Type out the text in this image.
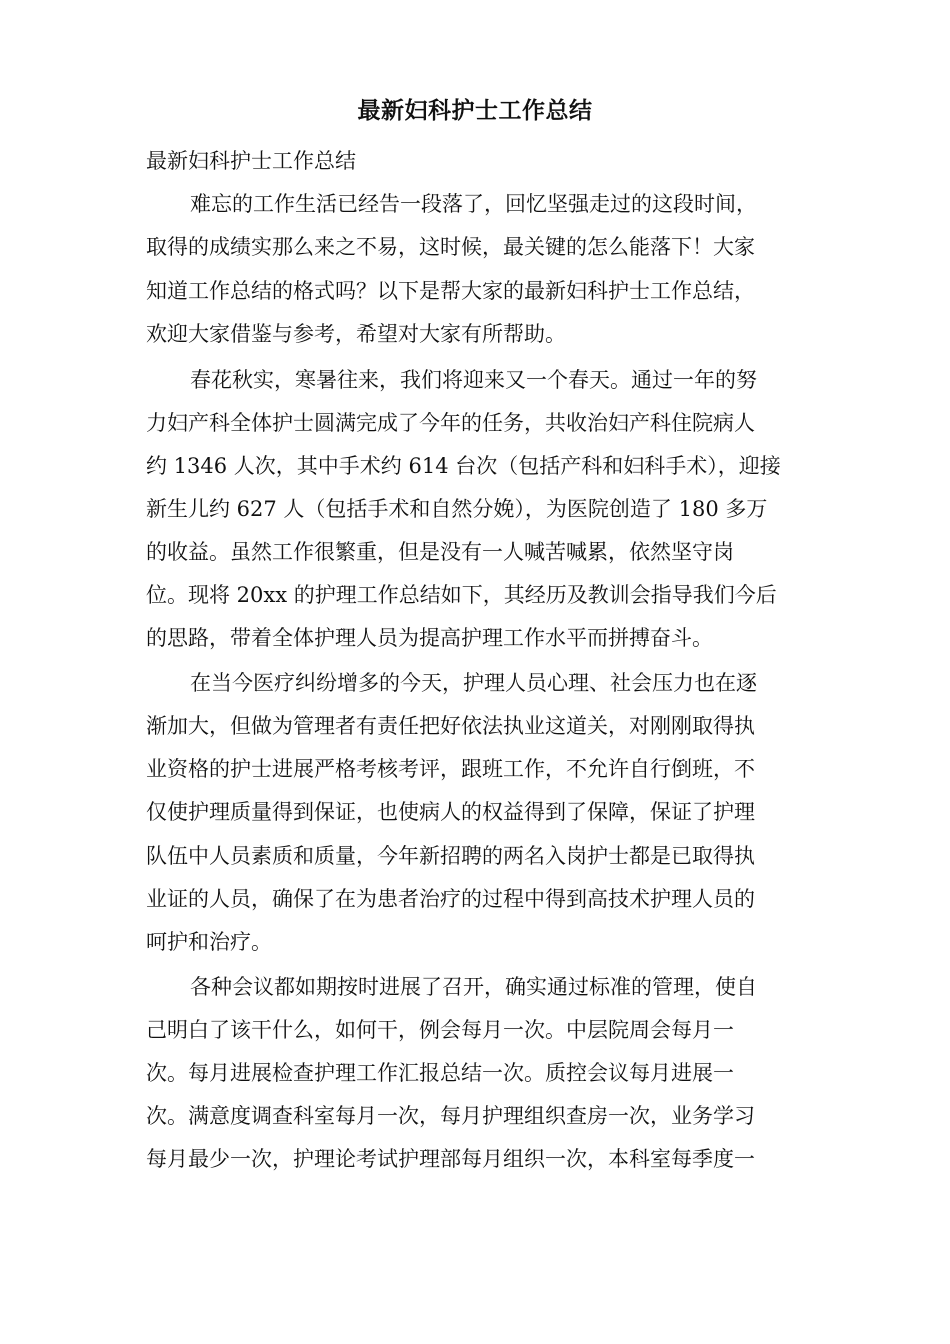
最新妇科护士工作总结
最新妇科护士工作总结
难忘的工作生活已经告一段落了，回忆坚强走过的这段时间，
取得的成绩实那么来之不易，这时候，最关键的怎么能落下！大家
知道工作总结的格式吗？以下是帮大家的最新妇科护士工作总结，
欢迎大家借鉴与参考，希望对大家有所帮助。
春花秋实，寒暑往来，我们将迎来又一个春天。通过一年的努
力妇产科全体护士圆满完成了今年的任务，共收治妇产科住院病人
约 1346 人次，其中手术约 614 台次（包括产科和妇科手术），迎接
新生儿约 627 人（包括手术和自然分娩），为医院创造了 180 多万
的收益。虽然工作很繁重，但是没有一人喊苦喊累，依然坚守岗
位。现将 20xx 的护理工作总结如下，其经历及教训会指导我们今后
的思路，带着全体护理人员为提高护理工作水平而拼搏奋斗。
在当今医疗纠纷增多的今天，护理人员心理、社会压力也在逐
渐加大，但做为管理者有责任把好依法执业这道关，对刚刚取得执
业资格的护士进展严格考核考评，跟班工作，不允许自行倒班，不
仅使护理质量得到保证，也使病人的权益得到了保障，保证了护理
队伍中人员素质和质量，今年新招聘的两名入岗护士都是已取得执
业证的人员，确保了在为患者治疗的过程中得到高技术护理人员的
呵护和治疗。
各种会议都如期按时进展了召开，确实通过标准的管理，使自
己明白了该干什么，如何干，例会每月一次。中层院周会每月一
次。每月进展检查护理工作汇报总结一次。质控会议每月进展一
次。满意度调查科室每月一次，每月护理组织查房一次，业务学习
每月最少一次，护理论考试护理部每月组织一次，本科室每季度一
